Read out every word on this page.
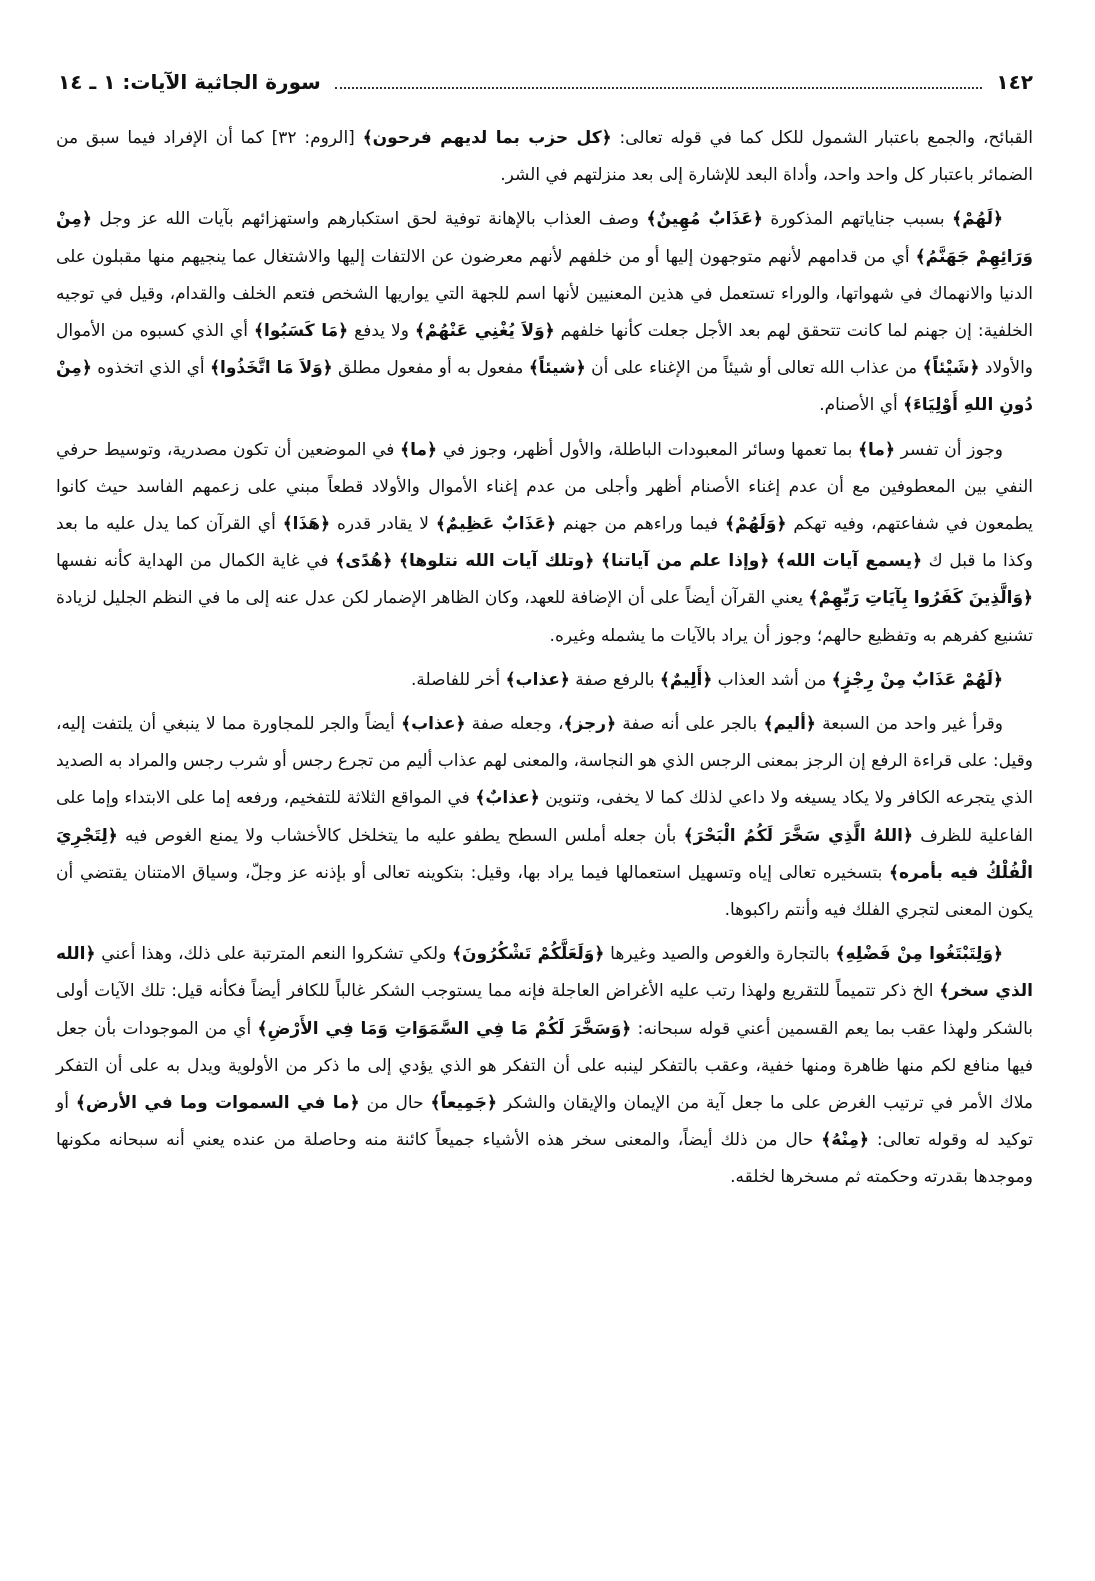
١٤٢
سورة الجاثية الآيات: ١ ـ ١٤

القبائح، والجمع باعتبار الشمول للكل كما في قوله تعالى: ﴿كل حزب بما لديهم فرحون﴾ [الروم: ٣٢] كما أن الإفراد فيما سبق من الضمائر باعتبار كل واحد واحد، وأداة البعد للإشارة إلى بعد منزلتهم في الشر.

﴿لَهُمْ﴾ بسبب جناياتهم المذكورة ﴿عَذَابٌ مُهِينٌ﴾ وصف العذاب بالإهانة توفية لحق استكبارهم واستهزائهم بآيات الله عز وجل ﴿مِنْ وَرَائِهِمْ جَهَنَّمُ﴾ أي من قدامهم لأنهم متوجهون إليها أو من خلفهم لأنهم معرضون عن الالتفات إليها والاشتغال عما ينجيهم منها مقبلون على الدنيا والانهماك في شهواتها، والوراء تستعمل في هذين المعنيين لأنها اسم للجهة التي يواريها الشخص فتعم الخلف والقدام، وقيل في توجيه الخلفية: إن جهنم لما كانت تتحقق لهم بعد الأجل جعلت كأنها خلفهم ﴿وَلاَ يُغْنِي عَنْهُمْ﴾ ولا يدفع ﴿مَا كَسَبُوا﴾ أي الذي كسبوه من الأموال والأولاد ﴿شَيْئاً﴾ من عذاب الله تعالى أو شيئاً من الإغناء على أن ﴿شيئاً﴾ مفعول به أو مفعول مطلق ﴿وَلاَ مَا اتَّخَذُوا﴾ أي الذي اتخذوه ﴿مِنْ دُونِ اللهِ أَوْلِيَاءَ﴾ أي الأصنام.

وجوز أن تفسر ﴿ما﴾ بما تعمها وسائر المعبودات الباطلة، والأول أظهر، وجوز في ﴿ما﴾ في الموضعين أن تكون مصدرية، وتوسيط حرفي النفي بين المعطوفين مع أن عدم إغناء الأصنام أظهر وأجلى من عدم إغناء الأموال والأولاد قطعاً مبني على زعمهم الفاسد حيث كانوا يطمعون في شفاعتهم، وفيه تهكم ﴿وَلَهُمْ﴾ فيما وراءهم من جهنم ﴿عَذَابٌ عَظِيمٌ﴾ لا يقادر قدره ﴿هَذَا﴾ أي القرآن كما يدل عليه ما بعد وكذا ما قبل ك ﴿يسمع آيات الله﴾ ﴿وإذا علم من آياتنا﴾ ﴿وتلك آيات الله نتلوها﴾ ﴿هُدًى﴾ في غاية الكمال من الهداية كأنه نفسها ﴿وَالَّذِينَ كَفَرُوا بِآيَاتِ رَبِّهِمْ﴾ يعني القرآن أيضاً على أن الإضافة للعهد، وكان الظاهر الإضمار لكن عدل عنه إلى ما في النظم الجليل لزيادة تشنيع كفرهم به وتفظيع حالهم؛ وجوز أن يراد بالآيات ما يشمله وغيره.

﴿لَهُمْ عَذَابٌ مِنْ رِجْزٍ﴾ من أشد العذاب ﴿أَلِيمٌ﴾ بالرفع صفة ﴿عذاب﴾ أخر للفاصلة.

وقرأ غير واحد من السبعة ﴿أليم﴾ بالجر على أنه صفة ﴿رجز﴾، وجعله صفة ﴿عذاب﴾ أيضاً والجر للمجاورة مما لا ينبغي أن يلتفت إليه، وقيل: على قراءة الرفع إن الرجز بمعنى الرجس الذي هو النجاسة، والمعنى لهم عذاب أليم من تجرع رجس أو شرب رجس والمراد به الصديد الذي يتجرعه الكافر ولا يكاد يسيغه ولا داعي لذلك كما لا يخفى، وتنوين ﴿عذابٌ﴾ في المواقع الثلاثة للتفخيم، ورفعه إما على الابتداء وإما على الفاعلية للظرف ﴿اللهُ الَّذِي سَخَّرَ لَكُمُ الْبَحْرَ﴾ بأن جعله أملس السطح يطفو عليه ما يتخلخل كالأخشاب ولا يمنع الغوص فيه ﴿لِتَجْرِيَ الْفُلْكُ فيه بأمره﴾ بتسخيره تعالى إياه وتسهيل استعمالها فيما يراد بها، وقيل: بتكوينه تعالى أو بإذنه عز وجلّ، وسياق الامتنان يقتضي أن يكون المعنى لتجري الفلك فيه وأنتم راكبوها.

﴿وَلِتَبْتَغُوا مِنْ فَضْلِهِ﴾ بالتجارة والغوص والصيد وغيرها ﴿وَلَعَلَّكُمْ تَشْكُرُونَ﴾ ولكي تشكروا النعم المترتبة على ذلك، وهذا أعني ﴿الله الذي سخر﴾ الخ ذكر تتميماً للتقريع ولهذا رتب عليه الأغراض العاجلة فإنه مما يستوجب الشكر غالباً للكافر أيضاً فكأنه قيل: تلك الآيات أولى بالشكر ولهذا عقب بما يعم القسمين أعني قوله سبحانه: ﴿وَسَخَّرَ لَكُمْ مَا فِي السَّمَوَاتِ وَمَا فِي الأَرْضِ﴾ أي من الموجودات بأن جعل فيها منافع لكم منها ظاهرة ومنها خفية، وعقب بالتفكر لينبه على أن التفكر هو الذي يؤدي إلى ما ذكر من الأولوية ويدل به على أن التفكر ملاك الأمر في ترتيب الغرض على ما جعل آية من الإيمان والإيقان والشكر ﴿جَمِيعاً﴾ حال من ﴿ما في السموات وما في الأرض﴾ أو توكيد له وقوله تعالى: ﴿مِنْهُ﴾ حال من ذلك أيضاً، والمعنى سخر هذه الأشياء جميعاً كائنة منه وحاصلة من عنده يعني أنه سبحانه مكونها وموجدها بقدرته وحكمته ثم مسخرها لخلقه.
